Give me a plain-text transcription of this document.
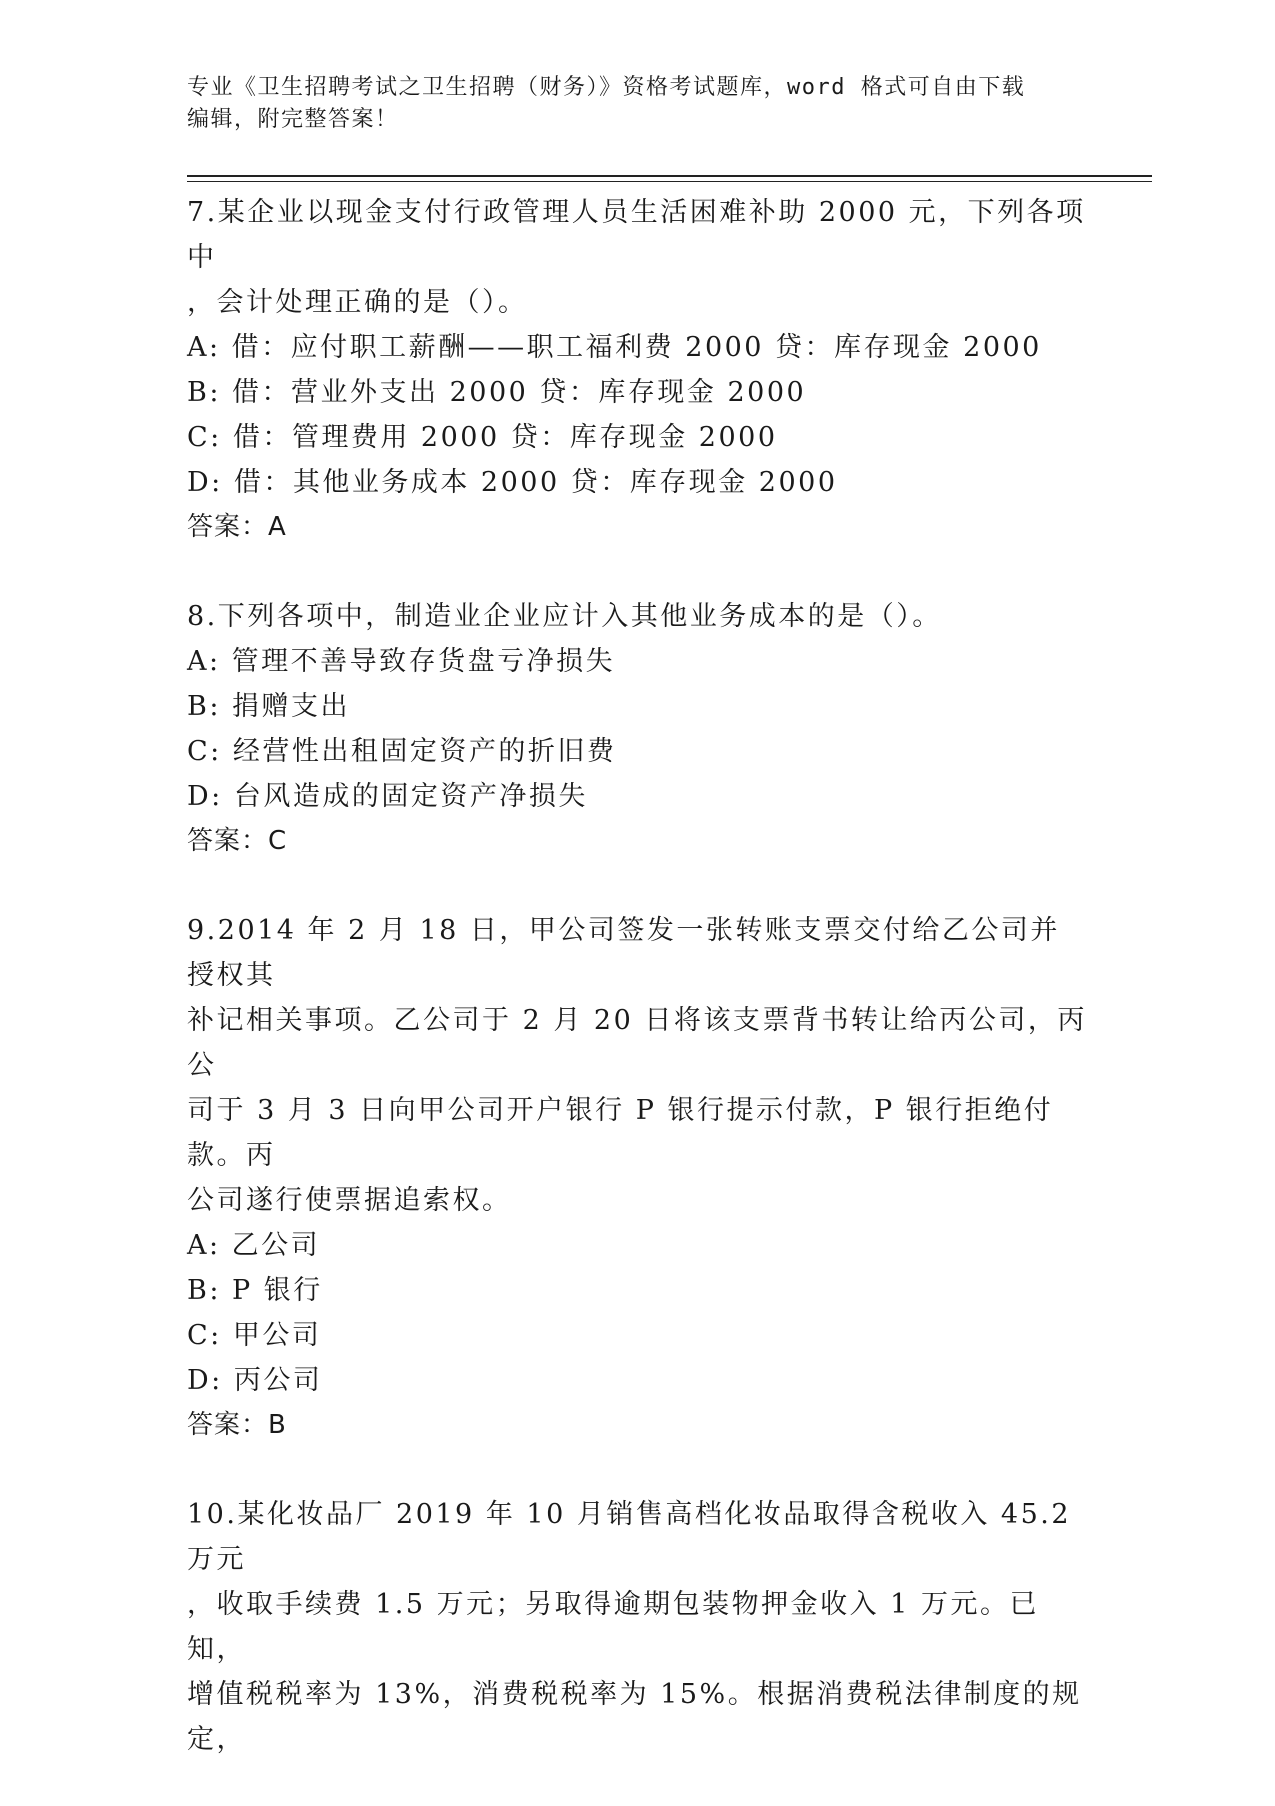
专业《卫生招聘考试之卫生招聘（财务）》资格考试题库，word 格式可自由下载
编辑，附完整答案！

7.某企业以现金支付行政管理人员生活困难补助 2000 元，下列各项中

，会计处理正确的是（）。

A: 借：应付职工薪酬——职工福利费 2000 贷：库存现金 2000

B: 借：营业外支出 2000 贷：库存现金 2000

C: 借：管理费用 2000 贷：库存现金 2000

D: 借：其他业务成本 2000 贷：库存现金 2000

答案：A

8.下列各项中，制造业企业应计入其他业务成本的是（）。

A: 管理不善导致存货盘亏净损失

B: 捐赠支出

C: 经营性出租固定资产的折旧费

D: 台风造成的固定资产净损失

答案：C

9.2014 年 2 月 18 日，甲公司签发一张转账支票交付给乙公司并授权其

补记相关事项。乙公司于 2 月 20 日将该支票背书转让给丙公司，丙公

司于 3 月 3 日向甲公司开户银行 P 银行提示付款，P 银行拒绝付款。丙

公司遂行使票据追索权。

A: 乙公司

B: P 银行

C: 甲公司

D: 丙公司

答案：B

10.某化妆品厂 2019 年 10 月销售高档化妆品取得含税收入 45.2 万元

，收取手续费 1.5 万元；另取得逾期包装物押金收入 1 万元。已知，

增值税税率为 13%，消费税税率为 15%。根据消费税法律制度的规定，
